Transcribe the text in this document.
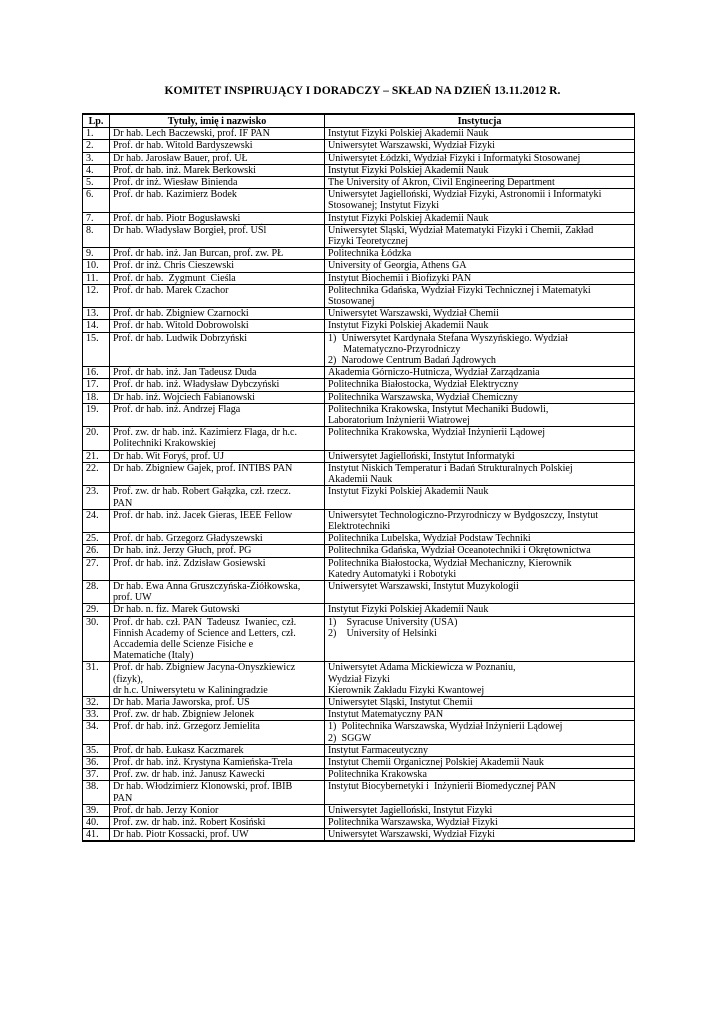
KOMITET INSPIRUJĄCY I DORADCZY – SKŁAD NA DZIEŃ 13.11.2012 R.
Lp.	Tytuły, imię i nazwisko	Instytucja
1.	Dr hab. Lech Baczewski, prof. IF PAN	Instytut Fizyki Polskiej Akademii Nauk

2.	Prof. dr hab. Witold Bardyszewski	Uniwersytet Warszawski, Wydział Fizyki

3.	Dr hab. Jarosław Bauer, prof. UŁ	Uniwersytet Łódzki, Wydział Fizyki i Informatyki Stosowanej

4.	Prof. dr hab. inż. Marek Berkowski	Instytut Fizyki Polskiej Akademii Nauk

5.	Prof. dr inż. Wiesław Binienda	The University of Akron, Civil Engineering Department

6.	Prof. dr hab. Kazimierz Bodek	Uniwersytet Jagielloński, Wydział Fizyki, Astronomii i Informatyki
Stosowanej; Instytut Fizyki

7.	Prof. dr hab. Piotr Bogusławski	Instytut Fizyki Polskiej Akademii Nauk

8.	Dr hab. Władysław Borgieł, prof. UŚl	Uniwersytet Śląski, Wydział Matematyki Fizyki i Chemii, Zakład
Fizyki Teoretycznej

9.	Prof. dr hab. inż. Jan Burcan, prof. zw. PŁ	Politechnika Łódzka

10.	Prof. dr inż. Chris Cieszewski	University of Georgia, Athens GA

11.	Prof. dr hab.  Zygmunt  Cieśla	Instytut Biochemii i Biofizyki PAN

12.	Prof. dr hab. Marek Czachor	Politechnika Gdańska, Wydział Fizyki Technicznej i Matematyki
Stosowanej

13.	Prof. dr hab. Zbigniew Czarnocki	Uniwersytet Warszawski, Wydział Chemii

14.	Prof. dr hab. Witold Dobrowolski	Instytut Fizyki Polskiej Akademii Nauk

15.	Prof. dr hab. Ludwik Dobrzyński	1)  Uniwersytet Kardynała Stefana Wyszyńskiego. Wydział
Matematyczno-Przyrodniczy
2)  Narodowe Centrum Badań Jądrowych

16.	Prof. dr hab. inż. Jan Tadeusz Duda	Akademia Górniczo-Hutnicza, Wydział Zarządzania

17.	Prof. dr hab. inż. Władysław Dybczyński	Politechnika Białostocka, Wydział Elektryczny

18.	Dr hab. inż. Wojciech Fabianowski	Politechnika Warszawska, Wydział Chemiczny

19.	Prof. dr hab. inż. Andrzej Flaga	Politechnika Krakowska, Instytut Mechaniki Budowli,
Laboratorium Inżynierii Wiatrowej

20.	Prof. zw. dr hab. inż. Kazimierz Flaga, dr h.c.
Politechniki Krakowskiej	Politechnika Krakowska, Wydział Inżynierii Lądowej

21.	Dr hab. Wit Foryś, prof. UJ	Uniwersytet Jagielloński, Instytut Informatyki

22.	Dr hab. Zbigniew Gajek, prof. INTIBS PAN	Instytut Niskich Temperatur i Badań Strukturalnych Polskiej
Akademii Nauk

23.	Prof. zw. dr hab. Robert Gałązka, czł. rzecz.
PAN	Instytut Fizyki Polskiej Akademii Nauk

24.	Prof. dr hab. inż. Jacek Gieras, IEEE Fellow	Uniwersytet Technologiczno-Przyrodniczy w Bydgoszczy, Instytut
Elektrotechniki

25.	Prof. dr hab. Grzegorz Gładyszewski	Politechnika Lubelska, Wydział Podstaw Techniki

26.	Dr hab. inż. Jerzy Głuch, prof. PG	Politechnika Gdańska, Wydział Oceanotechniki i Okrętownictwa

27.	Prof. dr hab. inż. Zdzisław Gosiewski	Politechnika Białostocka, Wydział Mechaniczny, Kierownik
Katedry Automatyki i Robotyki

28.	Dr hab. Ewa Anna Gruszczyńska-Ziółkowska,
prof. UW	Uniwersytet Warszawski, Instytut Muzykologii

29.	Dr hab. n. fiz. Marek Gutowski	Instytut Fizyki Polskiej Akademii Nauk

30.	Prof. dr hab. czł. PAN  Tadeusz  Iwaniec, czł.
Finnish Academy of Science and Letters, czł.
Accademia delle Scienze Fisiche e
Matematiche (Italy)	1)    Syracuse University (USA)
2)    University of Helsinki

31.	Prof. dr hab. Zbigniew Jacyna-Onyszkiewicz
(fizyk),
dr h.c. Uniwersytetu w Kaliningradzie	Uniwersytet Adama Mickiewicza w Poznaniu,
Wydział Fizyki
Kierownik Zakładu Fizyki Kwantowej

32.	Dr hab. Maria Jaworska, prof. UŚ	Uniwersytet Śląski, Instytut Chemii

33.	Prof. zw. dr hab. Zbigniew Jelonek	Instytut Matematyczny PAN

34.	Prof. dr hab. inż. Grzegorz Jemielita	1)  Politechnika Warszawska, Wydział Inżynierii Lądowej
2)  SGGW

35.	Prof. dr hab. Łukasz Kaczmarek	Instytut Farmaceutyczny

36.	Prof. dr hab. inż. Krystyna Kamieńska-Trela	Instytut Chemii Organicznej Polskiej Akademii Nauk

37.	Prof. zw. dr hab. inż. Janusz Kawecki	Politechnika Krakowska

38.	Dr hab. Włodzimierz Klonowski, prof. IBIB
PAN	Instytut Biocybernetyki i  Inżynierii Biomedycznej PAN

39.	Prof. dr hab. Jerzy Konior	Uniwersytet Jagielloński, Instytut Fizyki

40.	Prof. zw. dr hab. inż. Robert Kosiński	Politechnika Warszawska, Wydział Fizyki

41.	Dr hab. Piotr Kossacki, prof. UW	Uniwersytet Warszawski, Wydział Fizyki
